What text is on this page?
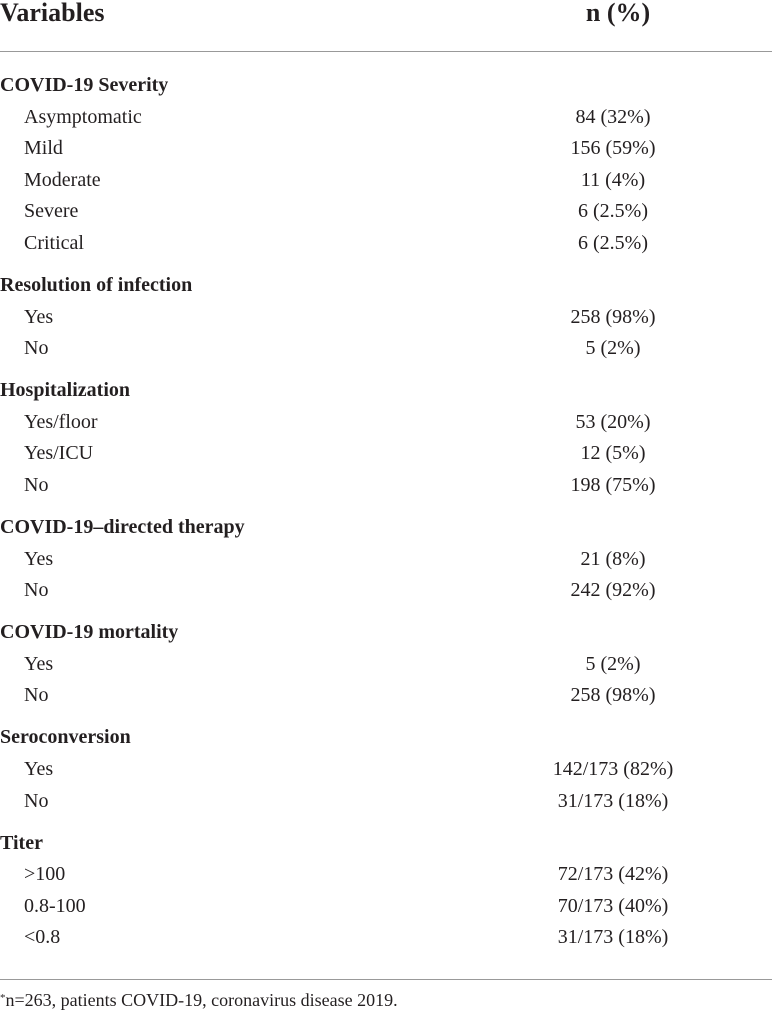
Variables	n (%)
COVID-19 Severity
Asymptomatic	84 (32%)
Mild	156 (59%)
Moderate	11 (4%)
Severe	6 (2.5%)
Critical	6 (2.5%)
Resolution of infection
Yes	258 (98%)
No	5 (2%)
Hospitalization
Yes/floor	53 (20%)
Yes/ICU	12 (5%)
No	198 (75%)
COVID-19–directed therapy
Yes	21 (8%)
No	242 (92%)
COVID-19 mortality
Yes	5 (2%)
No	258 (98%)
Seroconversion
Yes	142/173 (82%)
No	31/173 (18%)
Titer
>100	72/173 (42%)
0.8-100	70/173 (40%)
<0.8	31/173 (18%)
*n=263, patients COVID-19, coronavirus disease 2019.
